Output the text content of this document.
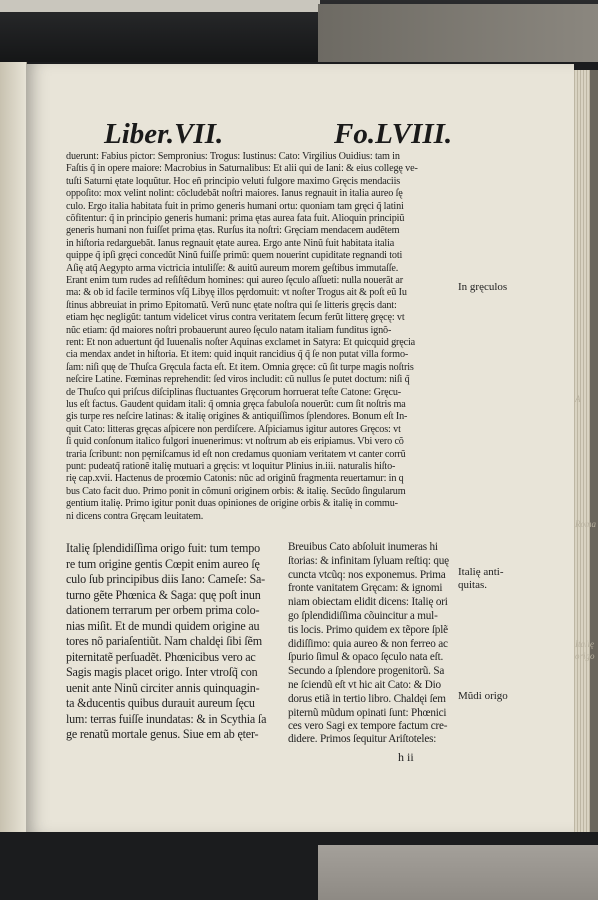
A
Roma
Italię
origo
Liber.VII.	Fo.LVIII.
duerunt: Fabius pictor: Sempronius: Trogus: Iustinus: Cato: Virgilius Ouidius: tam in
Faſtis q̃ in opere maiore: Macrobius in Saturnalibus: Et alii qui de Iani: & eius collegę ve-
tuſti Saturni ętate loquũtur. Hoc eñ principio veluti fulgore maximo Gręcis mendaciis
oppoſito: mox velint nolint: cõcludebãt noſtri maiores. Ianus regnauit in italia aureo ſę
culo. Ergo italia habitata fuit in primo generis humani ortu: quoniam tam gręci q̃ latini
cõfitentur: q̃ in principio generis humani: prima ętas aurea fata fuit. Alioquin principiũ
generis humani non fuiſſet prima ętas. Rurſus ita noſtri: Gręciam mendacem audẽtem
in hiſtoria redarguebãt. Ianus regnauit ętate aurea. Ergo ante Ninũ fuit habitata italia
quippe q̃ ipſi gręci concedũt Ninũ fuiſſe primũ: quem nouerint cupiditate regnandi toti
Aſię atq̃ Aegypto arma victricia intuliſſe: & auitũ aureum morem geſtibus immutaſſe.
Erant enim tum rudes ad reſiſtẽdum homines: qui aureo ſęculo aſſueti: nulla nouerãt ar
ma: & ob id facile terminos vſq̃ Libyę illos pęrdomuit: vt noſter Trogus ait & poſt eũ Iu
ſtinus abbreuiat in primo Epitomatũ. Verũ nunc ętate noſtra qui ſe litteris gręcis dant:
etiam hęc negligũt: tantum videlicet virus contra veritatem ſecum ferũt litterę gręcę: vt
nũc etiam: q̃d maiores noſtri probauerunt aureo ſęculo natam italiam funditus ignõ-
rent: Et non aduertunt q̃d Iuuenalis noſter Aquinas exclamet in Satyra: Et quicquid gręcia
cia mendax andet in hiſtoria. Et item: quid inquit rancidius q̃ q̃ ſe non putat villa formo-
ſam: niſi quę de Thuſca Gręcula facta eſt. Et item. Omnia gręce: cũ ſit turpe magis noſtris
neſcire Latine. Fœminas reprehendit: ſed viros includit: cũ nullus ſe putet doctum: niſi q̃
de Thuſco qui priſcus diſciplinas fluctuantes Gręcorum horruerat teſte Catone: Gręcu-
lus eſt factus. Gaudent quidam itali: q̃ omnia gręca fabuloſa nouerũt: cum ſit noſtris ma
gis turpe res neſcire latinas: & italię origines & antiquiſſimos ſplendores. Bonum eſt In-
quit Cato: litteras gręcas aſpicere non perdiſcere. Aſpiciamus igitur autores Gręcos: vt
ſi quid conſonum italico fulgori inuenerimus: vt noſtrum ab eis eripiamus. Vbi vero cõ
traria ſcribunt: non pęrniſcamus id eſt non credamus quoniam veritatem vt canter corrũ
punt: pudeatq̃ rationẽ italię mutuari a gręcis: vt loquitur Plinius in.iii. naturalis hiſto-
rię cap.xvii. Hactenus de proœmio Catonis: nũc ad originũ fragmenta reuertamur: in q
bus Cato facit duo. Primo ponit in cõmuni originem orbis: & italię. Secũdo ſingularum
gentium italię. Primo igitur ponit duas opiniones de origine orbis & italię in commu-
ni dicens contra Gręcam leuitatem.
Italię ſplendidiſſima origo fuit: tum tempo
re tum origine gentis Cœpit enim aureo ſę
culo ſub principibus diis Iano: Cameſe: Sa-
turno gẽte Phœnica & Saga: quę poſt inun
dationem terrarum per orbem prima colo-
nias miſit. Et de mundi quidem origine au
tores nõ pariaſentiũt. Nam chaldęi ſibi ſẽm
piternitatẽ perſuadẽt. Phœnicibus vero ac
Sagis magis placet origo. Inter vtroſq̃ con
uenit ante Ninũ circiter annis quinquagin-
ta &ducentis quibus durauit aureum ſęcu
lum: terras fuiſſe inundatas: & in Scythia ſa
ge renatũ mortale genus. Siue em ab ęter-
Breuibus Cato abſoluit inumeras hi
ſtorias: & infinitam ſyluam reſtiq: quę
cuncta vtcũq: nos exponemus. Prima
fronte vanitatem Gręcam: & ignomi
niam obiectam elidit dicens: Italię ori
go ſplendidiſſima cõuincitur a mul-
tis locis. Primo quidem ex tẽpore ſplẽ
didiſſimo: quia aureo & non ferreo ac
ſpurio ſimul & opaco ſęculo nata eſt.
Secundo a ſplendore progenitorũ. Sa
ne ſciendũ eſt vt hic ait Cato: & Dio
dorus etiã in tertio libro. Chaldęi ſem
piternũ mũdum opinati ſunt: Phœnici
ces vero Sagi ex tempore factum cre-
didere. Primos ſequitur Ariſtoteles:
h ii
In gręculos
Italię anti-
quitas.
Mũdi origo
